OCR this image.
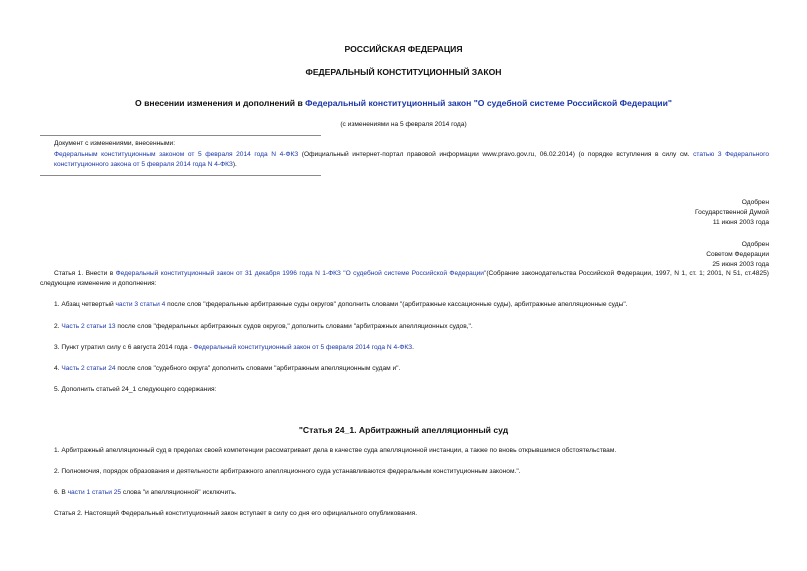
РОССИЙСКАЯ ФЕДЕРАЦИЯ
ФЕДЕРАЛЬНЫЙ КОНСТИТУЦИОННЫЙ ЗАКОН
О внесении изменения и дополнений в Федеральный конституционный закон "О судебной системе Российской Федерации"
(с изменениями на 5 февраля 2014 года)
Документ с изменениями, внесенными:
Федеральным конституционным законом от 5 февраля 2014 года N 4-ФКЗ (Официальный интернет-портал правовой информации www.pravo.gov.ru, 06.02.2014) (о порядке вступления в силу см. статью 3 Федерального конституционного закона от 5 февраля 2014 года N 4-ФКЗ).
Одобрен
Государственной Думой
11 июня 2003 года
Одобрен
Советом Федерации
25 июня 2003 года
Статья 1. Внести в Федеральный конституционный закон от 31 декабря 1996 года N 1-ФКЗ "О судебной системе Российской Федерации"(Собрание законодательства Российской Федерации, 1997, N 1, ст. 1; 2001, N 51, ст.4825) следующие изменение и дополнения:
1. Абзац четвертый части 3 статьи 4 после слов "федеральные арбитражные суды округов" дополнить словами "(арбитражные кассационные суды), арбитражные апелляционные суды".
2. Часть 2 статьи 13 после слов "федеральных арбитражных судов округов," дополнить словами "арбитражных апелляционных судов,".
3. Пункт утратил силу с 6 августа 2014 года - Федеральный конституционный закон от 5 февраля 2014 года N 4-ФКЗ.
4. Часть 2 статьи 24 после слов "судебного округа" дополнить словами "арбитражным апелляционным судам и".
5. Дополнить статьей 24_1 следующего содержания:
"Статья 24_1. Арбитражный апелляционный суд
1. Арбитражный апелляционный суд в пределах своей компетенции рассматривает дела в качестве суда апелляционной инстанции, а также по вновь открывшимся обстоятельствам.
2. Полномочия, порядок образования и деятельности арбитражного апелляционного суда устанавливаются федеральным конституционным законом.".
6. В части 1 статьи 25 слова "и апелляционной" исключить.
Статья 2. Настоящий Федеральный конституционный закон вступает в силу со дня его официального опубликования.
